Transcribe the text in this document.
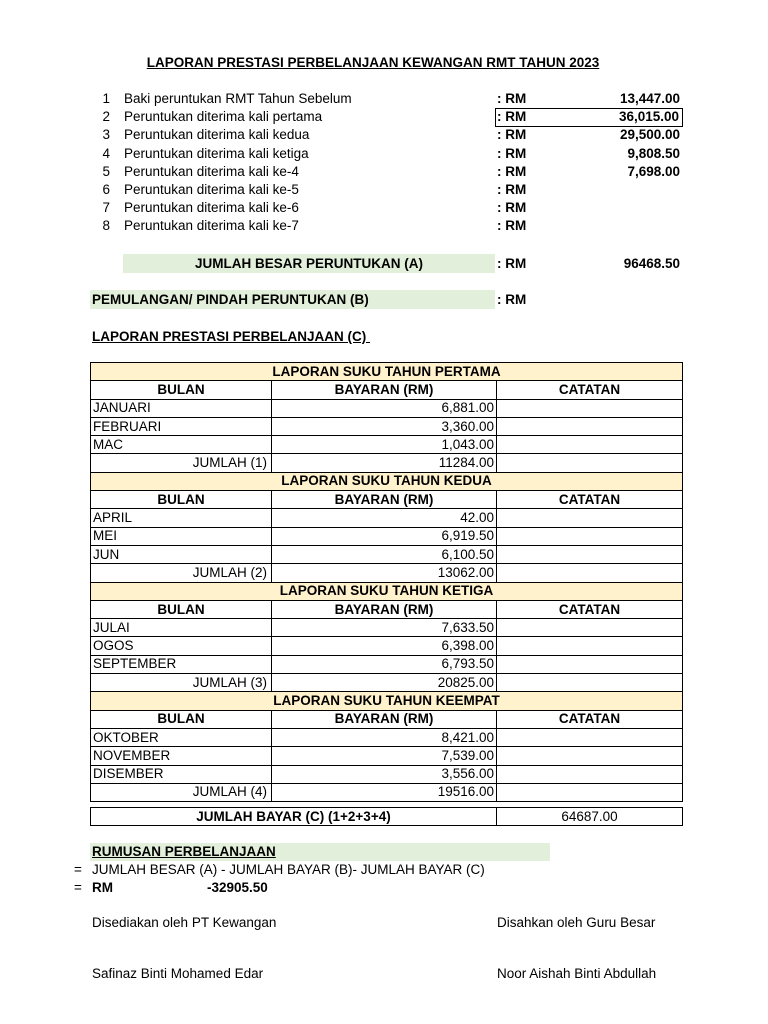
LAPORAN PRESTASI PERBELANJAAN KEWANGAN RMT TAHUN 2023
1 Baki peruntukan RMT Tahun Sebelum	: RM	13,447.00
2 Peruntukan diterima kali pertama	: RM	36,015.00
3 Peruntukan diterima kali kedua	: RM	29,500.00
4 Peruntukan diterima kali ketiga	: RM	9,808.50
5 Peruntukan diterima kali ke-4	: RM	7,698.00
6 Peruntukan diterima kali ke-5	: RM
7 Peruntukan diterima kali ke-6	: RM
8 Peruntukan diterima kali ke-7	: RM
JUMLAH BESAR PERUNTUKAN (A)	: RM	96468.50
PEMULANGAN/ PINDAH PERUNTUKAN (B)	: RM
LAPORAN PRESTASI PERBELANJAAN (C)
LAPORAN SUKU TAHUN PERTAMA		
BULAN	BAYARAN (RM)	CATATAN
JANUARI	6,881.00	
FEBRUARI	3,360.00	
MAC	1,043.00	
JUMLAH (1)	11284.00	
LAPORAN SUKU TAHUN KEDUA		
BULAN	BAYARAN (RM)	CATATAN
APRIL	42.00	
MEI	6,919.50	
JUN	6,100.50	
JUMLAH (2)	13062.00	
LAPORAN SUKU TAHUN KETIGA		
BULAN	BAYARAN (RM)	CATATAN
JULAI	7,633.50	
OGOS	6,398.00	
SEPTEMBER	6,793.50	
JUMLAH (3)	20825.00	
LAPORAN SUKU TAHUN KEEMPAT		
BULAN	BAYARAN (RM)	CATATAN
OKTOBER	8,421.00	
NOVEMBER	7,539.00	
DISEMBER	3,556.00	
JUMLAH (4)	19516.00	
JUMLAH BAYAR (C) (1+2+3+4)	64687.00
RUMUSAN PERBELANJAAN
= JUMLAH BESAR (A) - JUMLAH BAYAR (B)- JUMLAH BAYAR (C)
= RM	-32905.50
Disediakan oleh PT Kewangan	Disahkan oleh Guru Besar
Safinaz Binti Mohamed Edar	Noor Aishah Binti Abdullah
